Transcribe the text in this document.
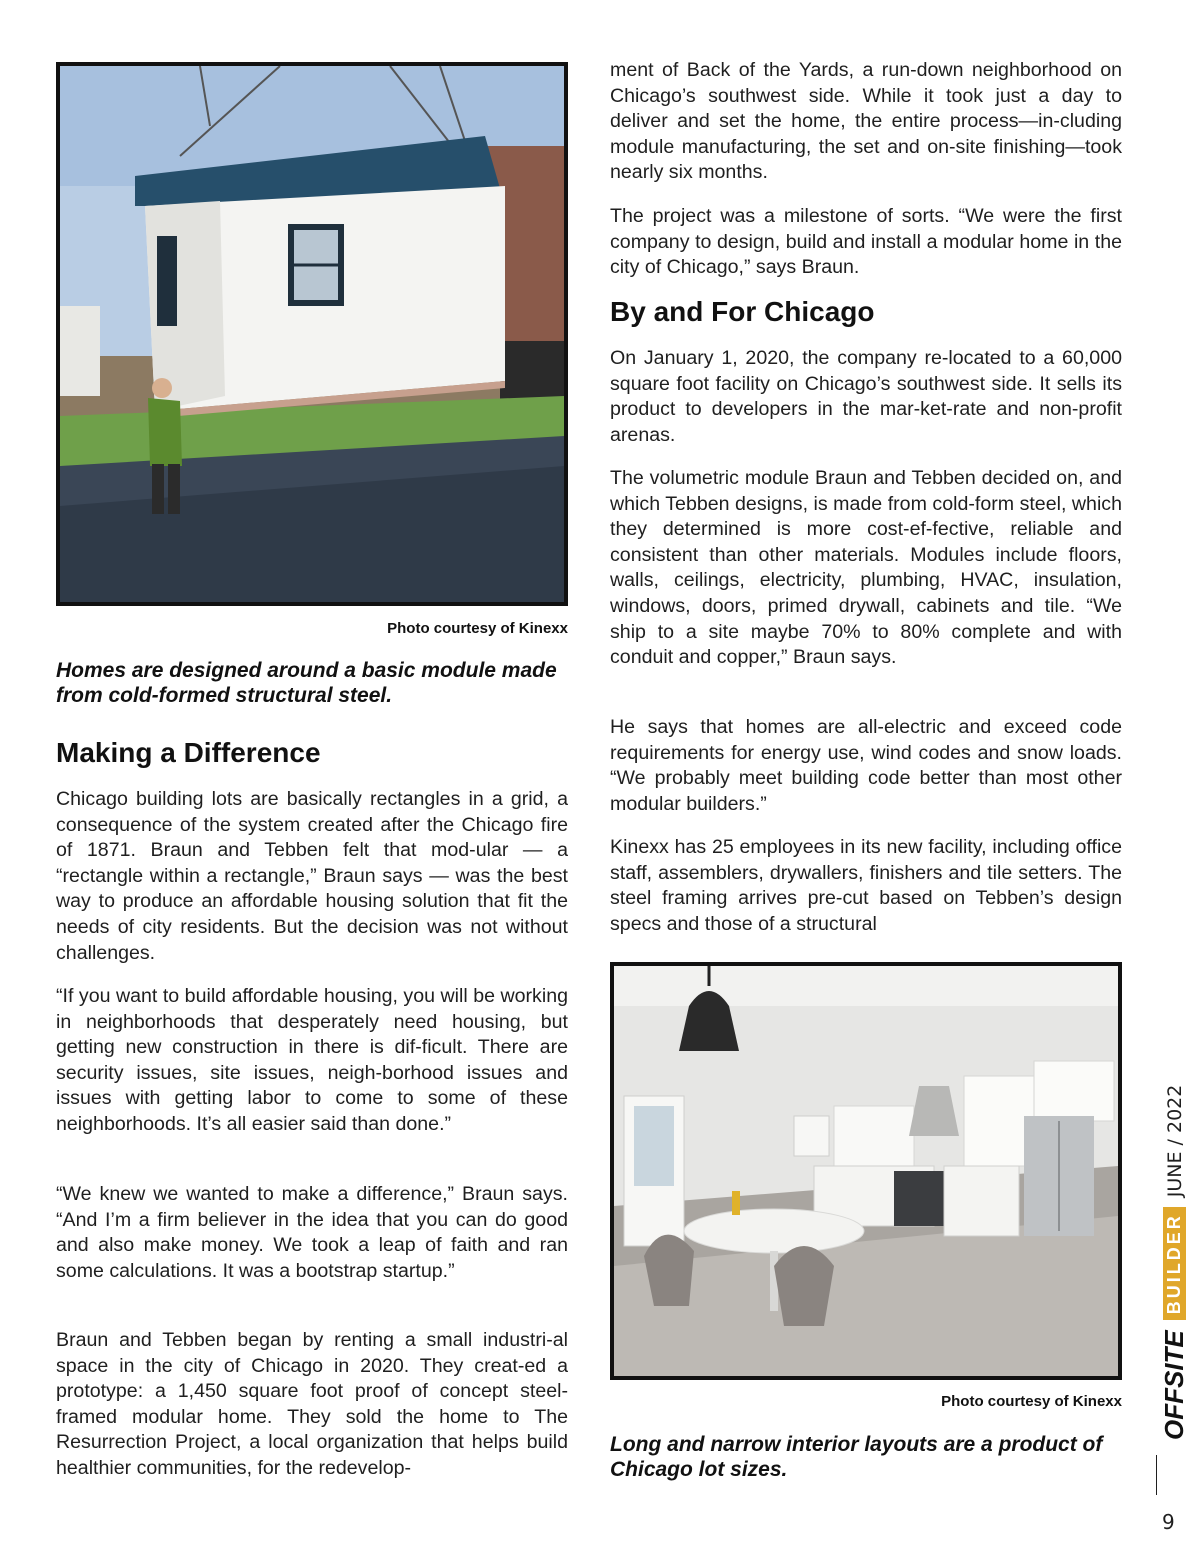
Photo courtesy of Kinexx

Homes are designed around a basic module made from cold-formed structural steel.

Making a Difference

Chicago building lots are basically rectangles in a grid, a consequence of the system created after the Chicago fire of 1871. Braun and Tebben felt that mod-ular — a “rectangle within a rectangle,” Braun says — was the best way to produce an affordable housing solution that fit the needs of city residents. But the decision was not without challenges.

“If you want to build affordable housing, you will be working in neighborhoods that desperately need housing, but getting new construction in there is dif-ficult. There are security issues, site issues, neigh-borhood issues and issues with getting labor to come to some of these neighborhoods. It’s all easier said than done.”

“We knew we wanted to make a difference,” Braun says. “And I’m a firm believer in the idea that you can do good and also make money. We took a leap of faith and ran some calculations. It was a bootstrap startup.”

Braun and Tebben began by renting a small industri-al space in the city of Chicago in 2020. They creat-ed a prototype: a 1,450 square foot proof of concept steel-framed modular home. They sold the home to The Resurrection Project, a local organization that helps build healthier communities, for the redevelop-

ment of Back of the Yards, a run-down neighborhood on Chicago’s southwest side. While it took just a day to deliver and set the home, the entire process—in-cluding module manufacturing, the set and on-site finishing—took nearly six months.

The project was a milestone of sorts. “We were the first company to design, build and install a modular home in the city of Chicago,” says Braun.

By and For Chicago

On January 1, 2020, the company re-located to a 60,000 square foot facility on Chicago’s southwest side. It sells its product to developers in the mar-ket-rate and non-profit arenas.

The volumetric module Braun and Tebben decided on, and which Tebben designs, is made from cold-form steel, which they determined is more cost-ef-fective, reliable and consistent than other materials. Modules include floors, walls, ceilings, electricity, plumbing, HVAC, insulation, windows, doors, primed drywall, cabinets and tile. “We ship to a site maybe 70% to 80% complete and with conduit and copper,” Braun says.

He says that homes are all-electric and exceed code requirements for energy use, wind codes and snow loads. “We probably meet building code better than most other modular builders.”

Kinexx has 25 employees in its new facility, including office staff, assemblers, drywallers, finishers and tile setters. The steel framing arrives pre-cut based on Tebben’s design specs and those of a structural

Photo courtesy of Kinexx

Long and narrow interior layouts are a product of Chicago lot sizes.

OFFSITE
BUILDER
JUNE / 2022
9
